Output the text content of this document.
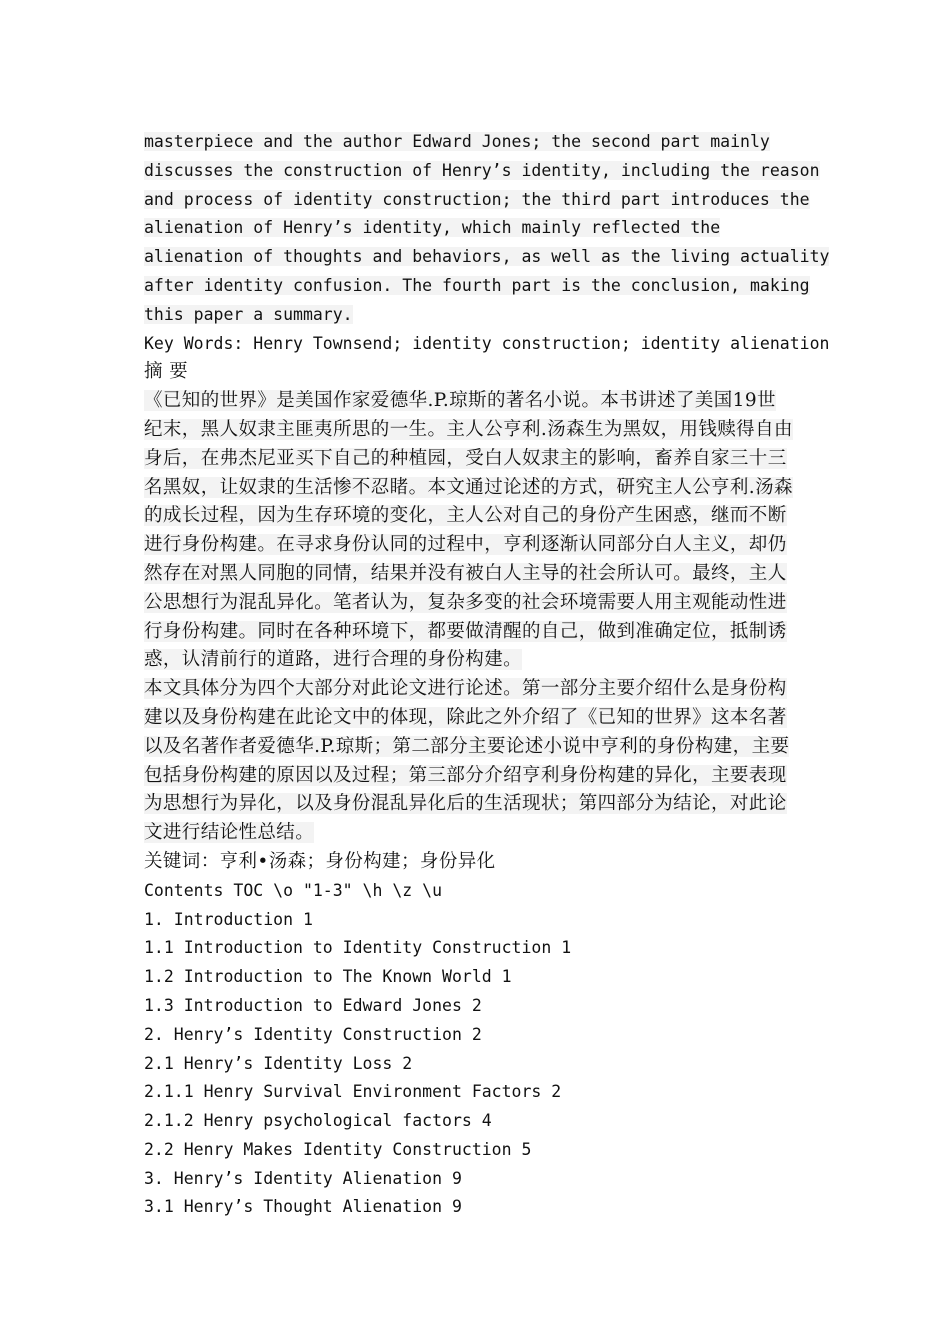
masterpiece and the author Edward Jones; the second part mainly
discusses the construction of Henry’s identity, including the reason
and process of identity construction; the third part introduces the
alienation of Henry’s identity, which mainly reflected the
alienation of thoughts and behaviors, as well as the living actuality
after identity confusion. The fourth part is the conclusion, making
this paper a summary.
Key Words: Henry Townsend; identity construction; identity alienation
摘 要
《已知的世界》是美国作家爱德华.P.琼斯的著名小说。本书讲述了美国19世
纪末，黑人奴隶主匪夷所思的一生。主人公亨利.汤森生为黑奴，用钱赎得自由
身后，在弗杰尼亚买下自己的种植园，受白人奴隶主的影响，畜养自家三十三
名黑奴，让奴隶的生活惨不忍睹。本文通过论述的方式，研究主人公亨利.汤森
的成长过程，因为生存环境的变化，主人公对自己的身份产生困惑，继而不断
进行身份构建。在寻求身份认同的过程中，亨利逐渐认同部分白人主义，却仍
然存在对黑人同胞的同情，结果并没有被白人主导的社会所认可。最终，主人
公思想行为混乱异化。笔者认为，复杂多变的社会环境需要人用主观能动性进
行身份构建。同时在各种环境下，都要做清醒的自己，做到准确定位，抵制诱
惑，认清前行的道路，进行合理的身份构建。
本文具体分为四个大部分对此论文进行论述。第一部分主要介绍什么是身份构
建以及身份构建在此论文中的体现，除此之外介绍了《已知的世界》这本名著
以及名著作者爱德华.P.琼斯；第二部分主要论述小说中亨利的身份构建，主要
包括身份构建的原因以及过程；第三部分介绍亨利身份构建的异化，主要表现
为思想行为异化，以及身份混乱异化后的生活现状；第四部分为结论，对此论
文进行结论性总结。
关键词：亨利•汤森；身份构建；身份异化
Contents TOC \o "1-3" \h \z \u
1. Introduction 1
1.1 Introduction to Identity Construction 1
1.2 Introduction to The Known World 1
1.3 Introduction to Edward Jones 2
2. Henry’s Identity Construction 2
2.1 Henry’s Identity Loss 2
2.1.1 Henry Survival Environment Factors 2
2.1.2 Henry psychological factors 4
2.2 Henry Makes Identity Construction 5
3. Henry’s Identity Alienation 9
3.1 Henry’s Thought Alienation 9
